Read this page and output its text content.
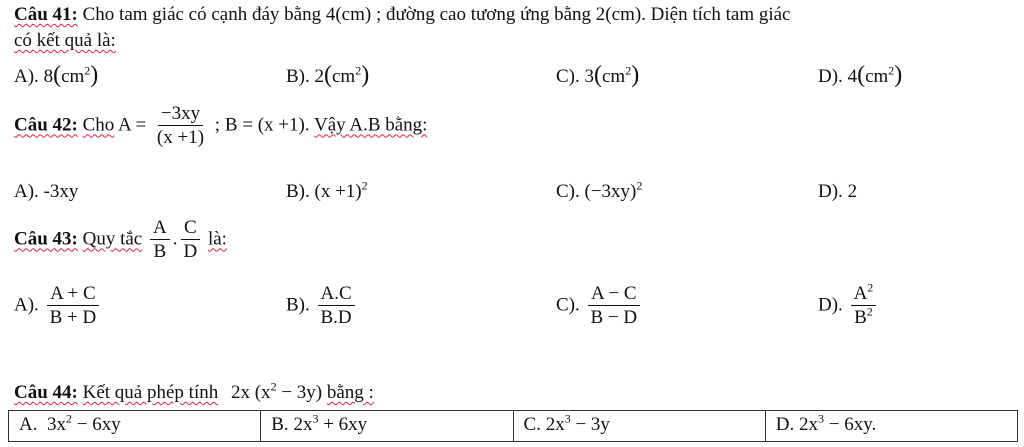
Câu 41: Cho tam giác có cạnh đáy bằng 4(cm) ; đường cao tương ứng bằng 2(cm). Diện tích tam giác
có kết quả là:
A). $8(cm^2)$	B). $2(cm^2)$	C). $3(cm^2)$	D). $4(cm^2)$
Câu 42: Cho $A = \frac{-3xy}{(x +1)}$ ; B = (x +1). Vậy A.B bằng:
A). -3xy	B). $(x +1)^2$	C). $(-3xy)^2$	D). 2
Câu 43: Quy tắc $\frac{A}{B}$ . $\frac{C}{D}$ là:
A). $\frac{A + C}{B + D}$	B). $\frac{A.C}{B.D}$	C). $\frac{A - C}{B - D}$	D). $\frac{A^2}{B^2}$
Câu 44: Kết quả phép tính 2x $(x^2 - 3y)$ bằng :
A. $3x^2 - 6xy$	B. $2x^3 + 6xy$	C. $2x^3 - 3y$	D. $2x^3 - 6xy$.
